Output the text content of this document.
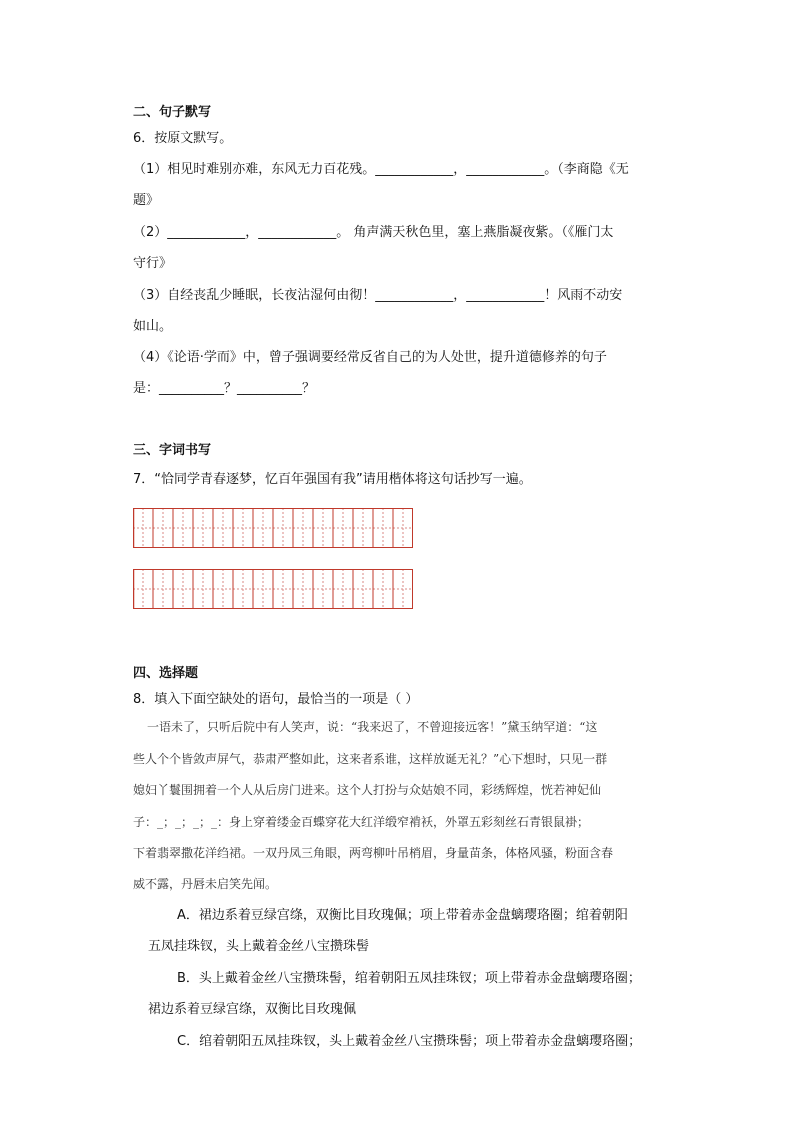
二、句子默写
6．按原文默写。
（1）相见时难别亦难，东风无力百花残。____________，____________。（李商隐《无
题》
（2）____________，____________。 角声满天秋色里，塞上燕脂凝夜紫。（《雁门太
守行》
（3）自经丧乱少睡眠，长夜沾湿何由彻！____________，____________！风雨不动安
如山。
（4）《论语·学而》中，曾子强调要经常反省自己的为人处世，提升道德修养的句子
是：__________？__________？
三、字词书写
7．“恰同学青春逐梦，忆百年强国有我”请用楷体将这句话抄写一遍。
四、选择题
8．填入下面空缺处的语句，最恰当的一项是（ ）
一语未了，只听后院中有人笑声，说：“我来迟了，不曾迎接远客！”黛玉纳罕道：“这
些人个个皆敛声屏气，恭肃严整如此，这来者系谁，这样放诞无礼？”心下想时，只见一群
媳妇丫鬟围拥着一个人从后房门进来。这个人打扮与众姑娘不同，彩绣辉煌，恍若神妃仙
子：_；_；_；_：身上穿着缕金百蝶穿花大红洋缎窄褃袄，外罩五彩刻丝石青银鼠褂；
下着翡翠撒花洋绉裙。一双丹凤三角眼，两弯柳叶吊梢眉，身量苗条，体格风骚，粉面含春
威不露，丹唇未启笑先闻。
A．裙边系着豆绿宫绦，双衡比目玫瑰佩；项上带着赤金盘螭璎珞圈；绾着朝阳
五凤挂珠钗，头上戴着金丝八宝攒珠髻
B．头上戴着金丝八宝攒珠髻，绾着朝阳五凤挂珠钗；项上带着赤金盘螭璎珞圈；
裙边系着豆绿宫绦，双衡比目玫瑰佩
C．绾着朝阳五凤挂珠钗，头上戴着金丝八宝攒珠髻；项上带着赤金盘螭璎珞圈；
